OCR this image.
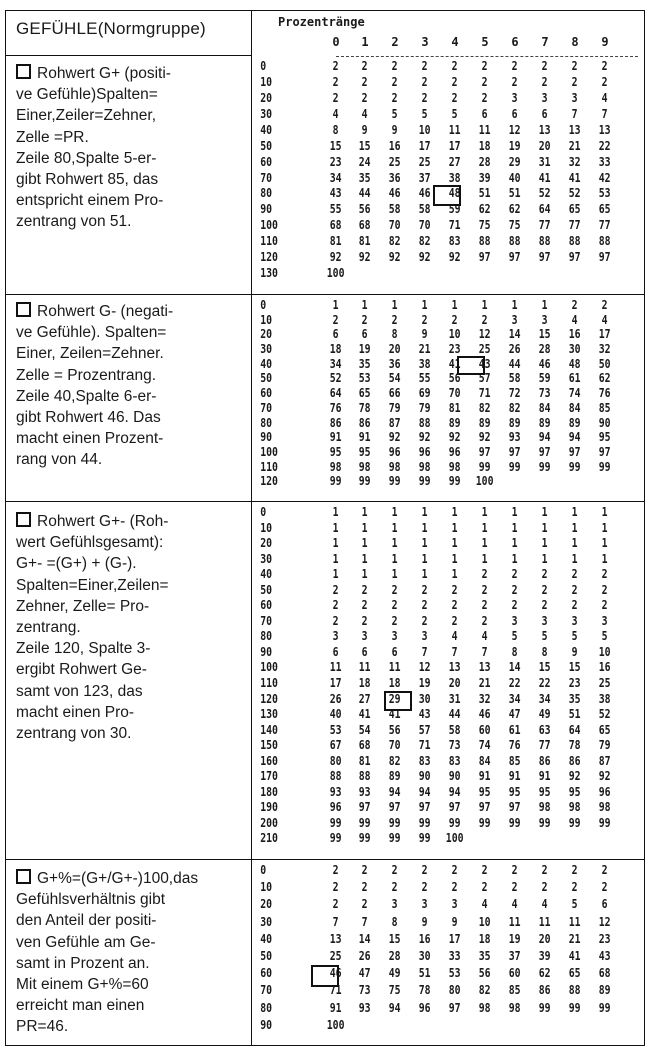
GEFÜHLE(Normgruppe)	Prozentränge
0	1	2	3	4	5	6	7	8	9
Rohwert G+ (positi-
ve Gefühle)Spalten=
Einer,Zeiler=Zehner,
Zelle =PR.
Zeile 80,Spalte 5-er-
gibt Rohwert 85, das
entspricht einem Pro-
zentrang von 51.
0	2	2	2	2	2	2	2	2	2	2
10	2	2	2	2	2	2	2	2	2	2
20	2	2	2	2	2	2	3	3	3	4
30	4	4	5	5	5	6	6	6	7	7
40	8	9	9	10	11	11	12	13	13	13
50	15	15	16	17	17	18	19	20	21	22
60	23	24	25	25	27	28	29	31	32	33
70	34	35	36	37	38	39	40	41	41	42
80	43	44	46	46	48	51	51	52	52	53
90	55	56	58	58	59	62	62	64	65	65
100	68	68	70	70	71	75	75	77	77	77
110	81	81	82	82	83	88	88	88	88	88
120	92	92	92	92	92	97	97	97	97	97
130	100
Rohwert G- (negati-
ve Gefühle). Spalten=
Einer, Zeilen=Zehner.
Zelle = Prozentrang.
Zeile 40,Spalte 6-er-
gibt Rohwert 46. Das
macht einen Prozent-
rang von 44.
0	1	1	1	1	1	1	1	1	2	2
10	2	2	2	2	2	2	3	3	4	4
20	6	6	8	9	10	12	14	15	16	17
30	18	19	20	21	23	25	26	28	30	32
40	34	35	36	38	41	43	44	46	48	50
50	52	53	54	55	56	57	58	59	61	62
60	64	65	66	69	70	71	72	73	74	76
70	76	78	79	79	81	82	82	84	84	85
80	86	86	87	88	89	89	89	89	89	90
90	91	91	92	92	92	92	93	94	94	95
100	95	95	96	96	96	97	97	97	97	97
110	98	98	98	98	98	99	99	99	99	99
120	99	99	99	99	99	100
Rohwert G+- (Roh-
wert Gefühlsgesamt):
G+- =(G+) + (G-).
Spalten=Einer,Zeilen=
Zehner, Zelle= Pro-
zentrang.
Zeile 120, Spalte 3-
ergibt Rohwert Ge-
samt von 123, das
macht einen Pro-
zentrang von 30.
0	1	1	1	1	1	1	1	1	1	1
10	1	1	1	1	1	1	1	1	1	1
20	1	1	1	1	1	1	1	1	1	1
30	1	1	1	1	1	1	1	1	1	1
40	1	1	1	1	1	2	2	2	2	2
50	2	2	2	2	2	2	2	2	2	2
60	2	2	2	2	2	2	2	2	2	2
70	2	2	2	2	2	2	3	3	3	3
80	3	3	3	3	4	4	5	5	5	5
90	6	6	6	7	7	7	8	8	9	10
100	11	11	11	12	13	13	14	15	15	16
110	17	18	18	19	20	21	22	22	23	25
120	26	27	29	30	31	32	34	34	35	38
130	40	41	41	43	44	46	47	49	51	52
140	53	54	56	57	58	60	61	63	64	65
150	67	68	70	71	73	74	76	77	78	79
160	80	81	82	83	83	84	85	86	86	87
170	88	88	89	90	90	91	91	91	92	92
180	93	93	94	94	94	95	95	95	95	96
190	96	97	97	97	97	97	97	98	98	98
200	99	99	99	99	99	99	99	99	99	99
210	99	99	99	99	100
G+%=(G+/G+-)100,das
Gefühlsverhältnis gibt
den Anteil der positi-
ven Gefühle am Ge-
samt in Prozent an.
Mit einem G+%=60
erreicht man einen
PR=46.
0	2	2	2	2	2	2	2	2	2	2
10	2	2	2	2	2	2	2	2	2	2
20	2	2	3	3	3	4	4	4	5	6
30	7	7	8	9	9	10	11	11	11	12
40	13	14	15	16	17	18	19	20	21	23
50	25	26	28	30	33	35	37	39	41	43
60	46	47	49	51	53	56	60	62	65	68
70	71	73	75	78	80	82	85	86	88	89
80	91	93	94	96	97	98	98	99	99	99
90	100
